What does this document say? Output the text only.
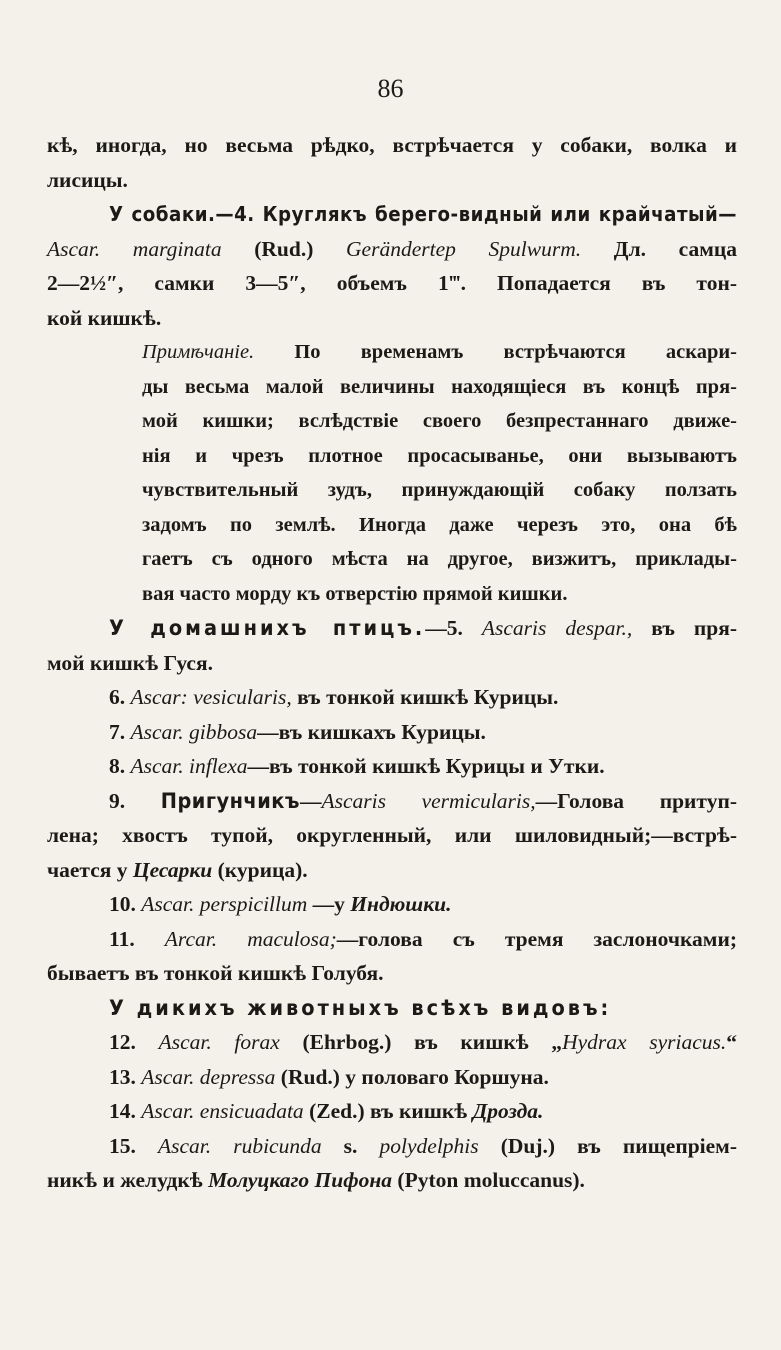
86
кѣ, иногда, но весьма рѣдко, встрѣчается у собаки, волка и
лисицы.
У собаки.—4. Круглякъ берего-видный или крайчатый—
Ascar. marginata (Rud.) Gerändertер Spulwurm. Дл. самца
2—2½″, самки 3—5″, объемъ 1‴. Попадается въ тон-
кой кишкѣ.
Примѣчаніе. По временамъ встрѣчаются аскари-
ды весьма малой величины находящіеся въ концѣ пря-
мой кишки; вслѣдствіе своего безпрестаннаго движе-
нія и чрезъ плотное просасыванье, они вызываютъ
чувствительный зудъ, принуждающій собаку ползать
задомъ по землѣ. Иногда даже черезъ это, она бѣ
гаетъ съ одного мѣста на другое, визжитъ, приклады-
вая часто морду къ отверстію прямой кишки.
У домашнихъ птицъ.—5. Ascaris despar., въ пря-
мой кишкѣ Гуся.
6. Ascar: vesicularis, въ тонкой кишкѣ Курицы.
7. Ascar. gibbosa—въ кишкахъ Курицы.
8. Ascar. inflexa—въ тонкой кишкѣ Курицы и Утки.
9. Пригунчикъ—Ascaris vermicularis,—Голова притуп-
лена; хвостъ тупой, округленный, или шиловидный;—встрѣ-
чается у Цесарки (курица).
10. Ascar. perspicillum —у Индюшки.
11. Arcar. maculosa;—голова съ тремя заслоночками;
бываетъ въ тонкой кишкѣ Голубя.
У дикихъ животныхъ всѣхъ видовъ:
12. Ascar. forax (Ehrbog.) въ кишкѣ „Hydrax syriacus.“
13. Ascar. depressa (Rud.) у половаго Коршуна.
14. Ascar. ensicuadata (Zed.) въ кишкѣ Дрозда.
15. Ascar. rubicunda s. polydelphis (Duj.) въ пищепріем-
никѣ и желудкѣ Молуцкаго Пифона (Pyton moluccanus).
